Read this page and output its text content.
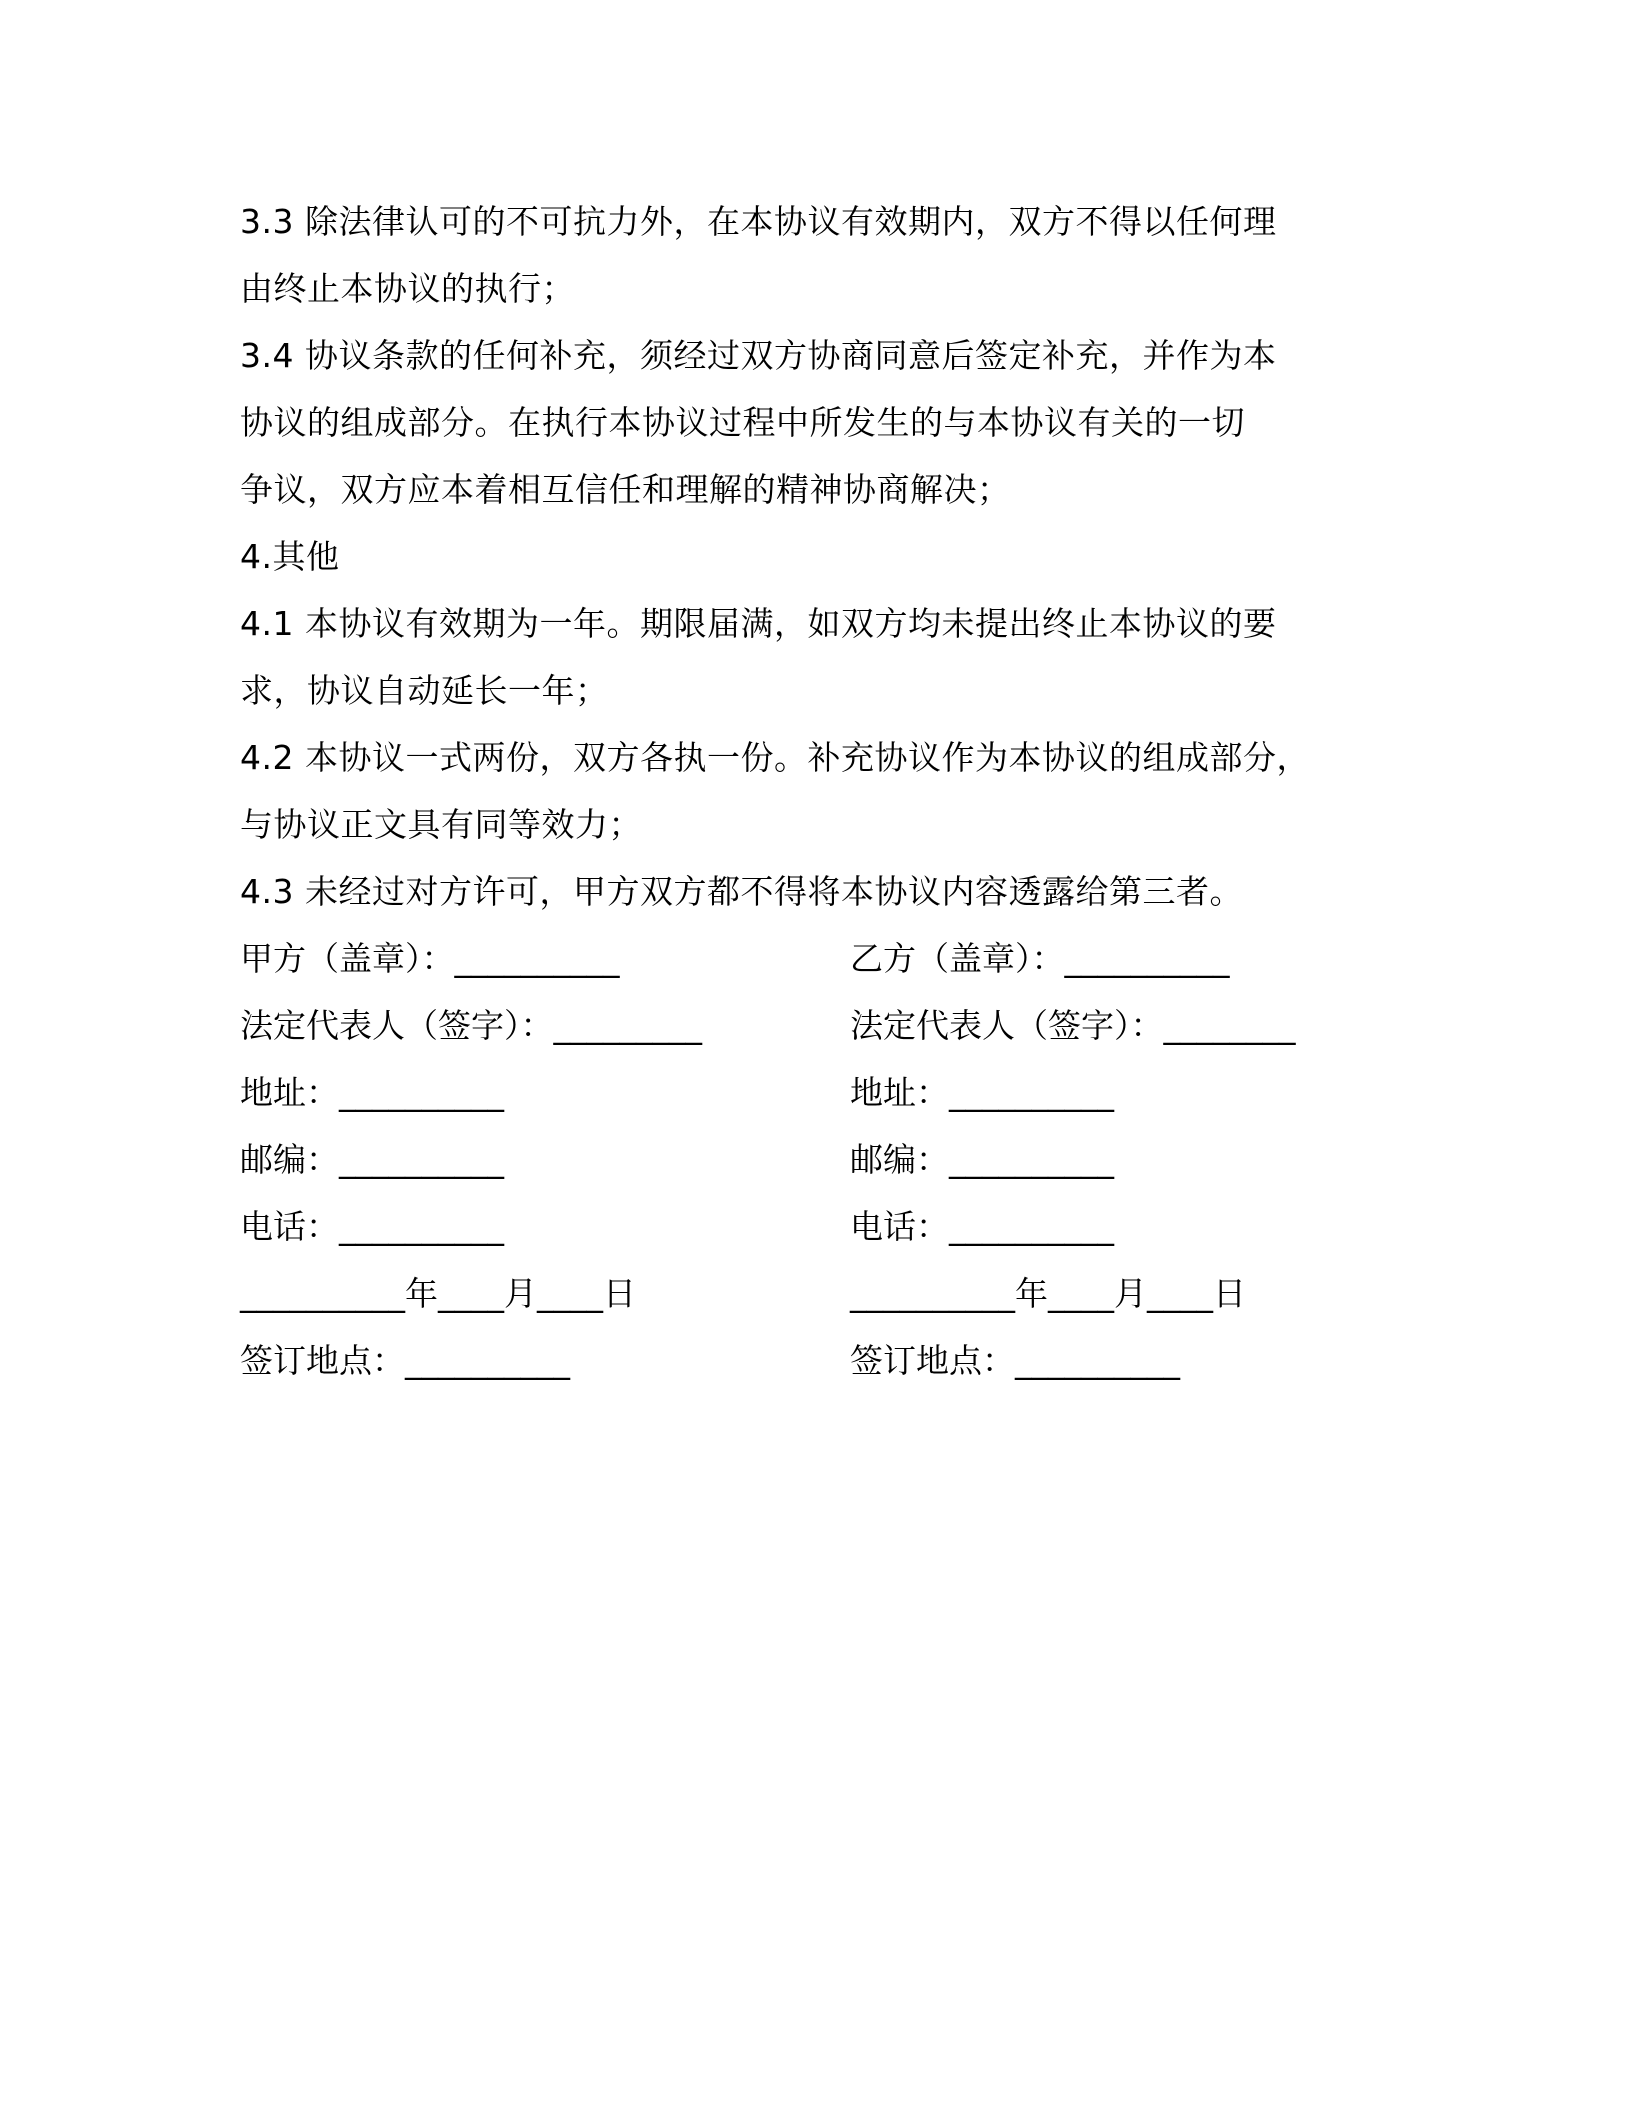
3.3 除法律认可的不可抗力外，在本协议有效期内，双方不得以任何理
由终止本协议的执行；
3.4 协议条款的任何补充，须经过双方协商同意后签定补充，并作为本
协议的组成部分。在执行本协议过程中所发生的与本协议有关的一切
争议，双方应本着相互信任和理解的精神协商解决；
4.其他
4.1 本协议有效期为一年。期限届满，如双方均未提出终止本协议的要
求，协议自动延长一年；
4.2 本协议一式两份，双方各执一份。补充协议作为本协议的组成部分，
与协议正文具有同等效力；
4.3 未经过对方许可，甲方双方都不得将本协议内容透露给第三者。
甲方（盖章）：__________	乙方（盖章）：__________
法定代表人（签字）：_________	法定代表人（签字）：________
地址：__________	地址：__________
邮编：__________	邮编：__________
电话：__________	电话：__________
__________年____月____日	__________年____月____日
签订地点：__________	签订地点：__________
